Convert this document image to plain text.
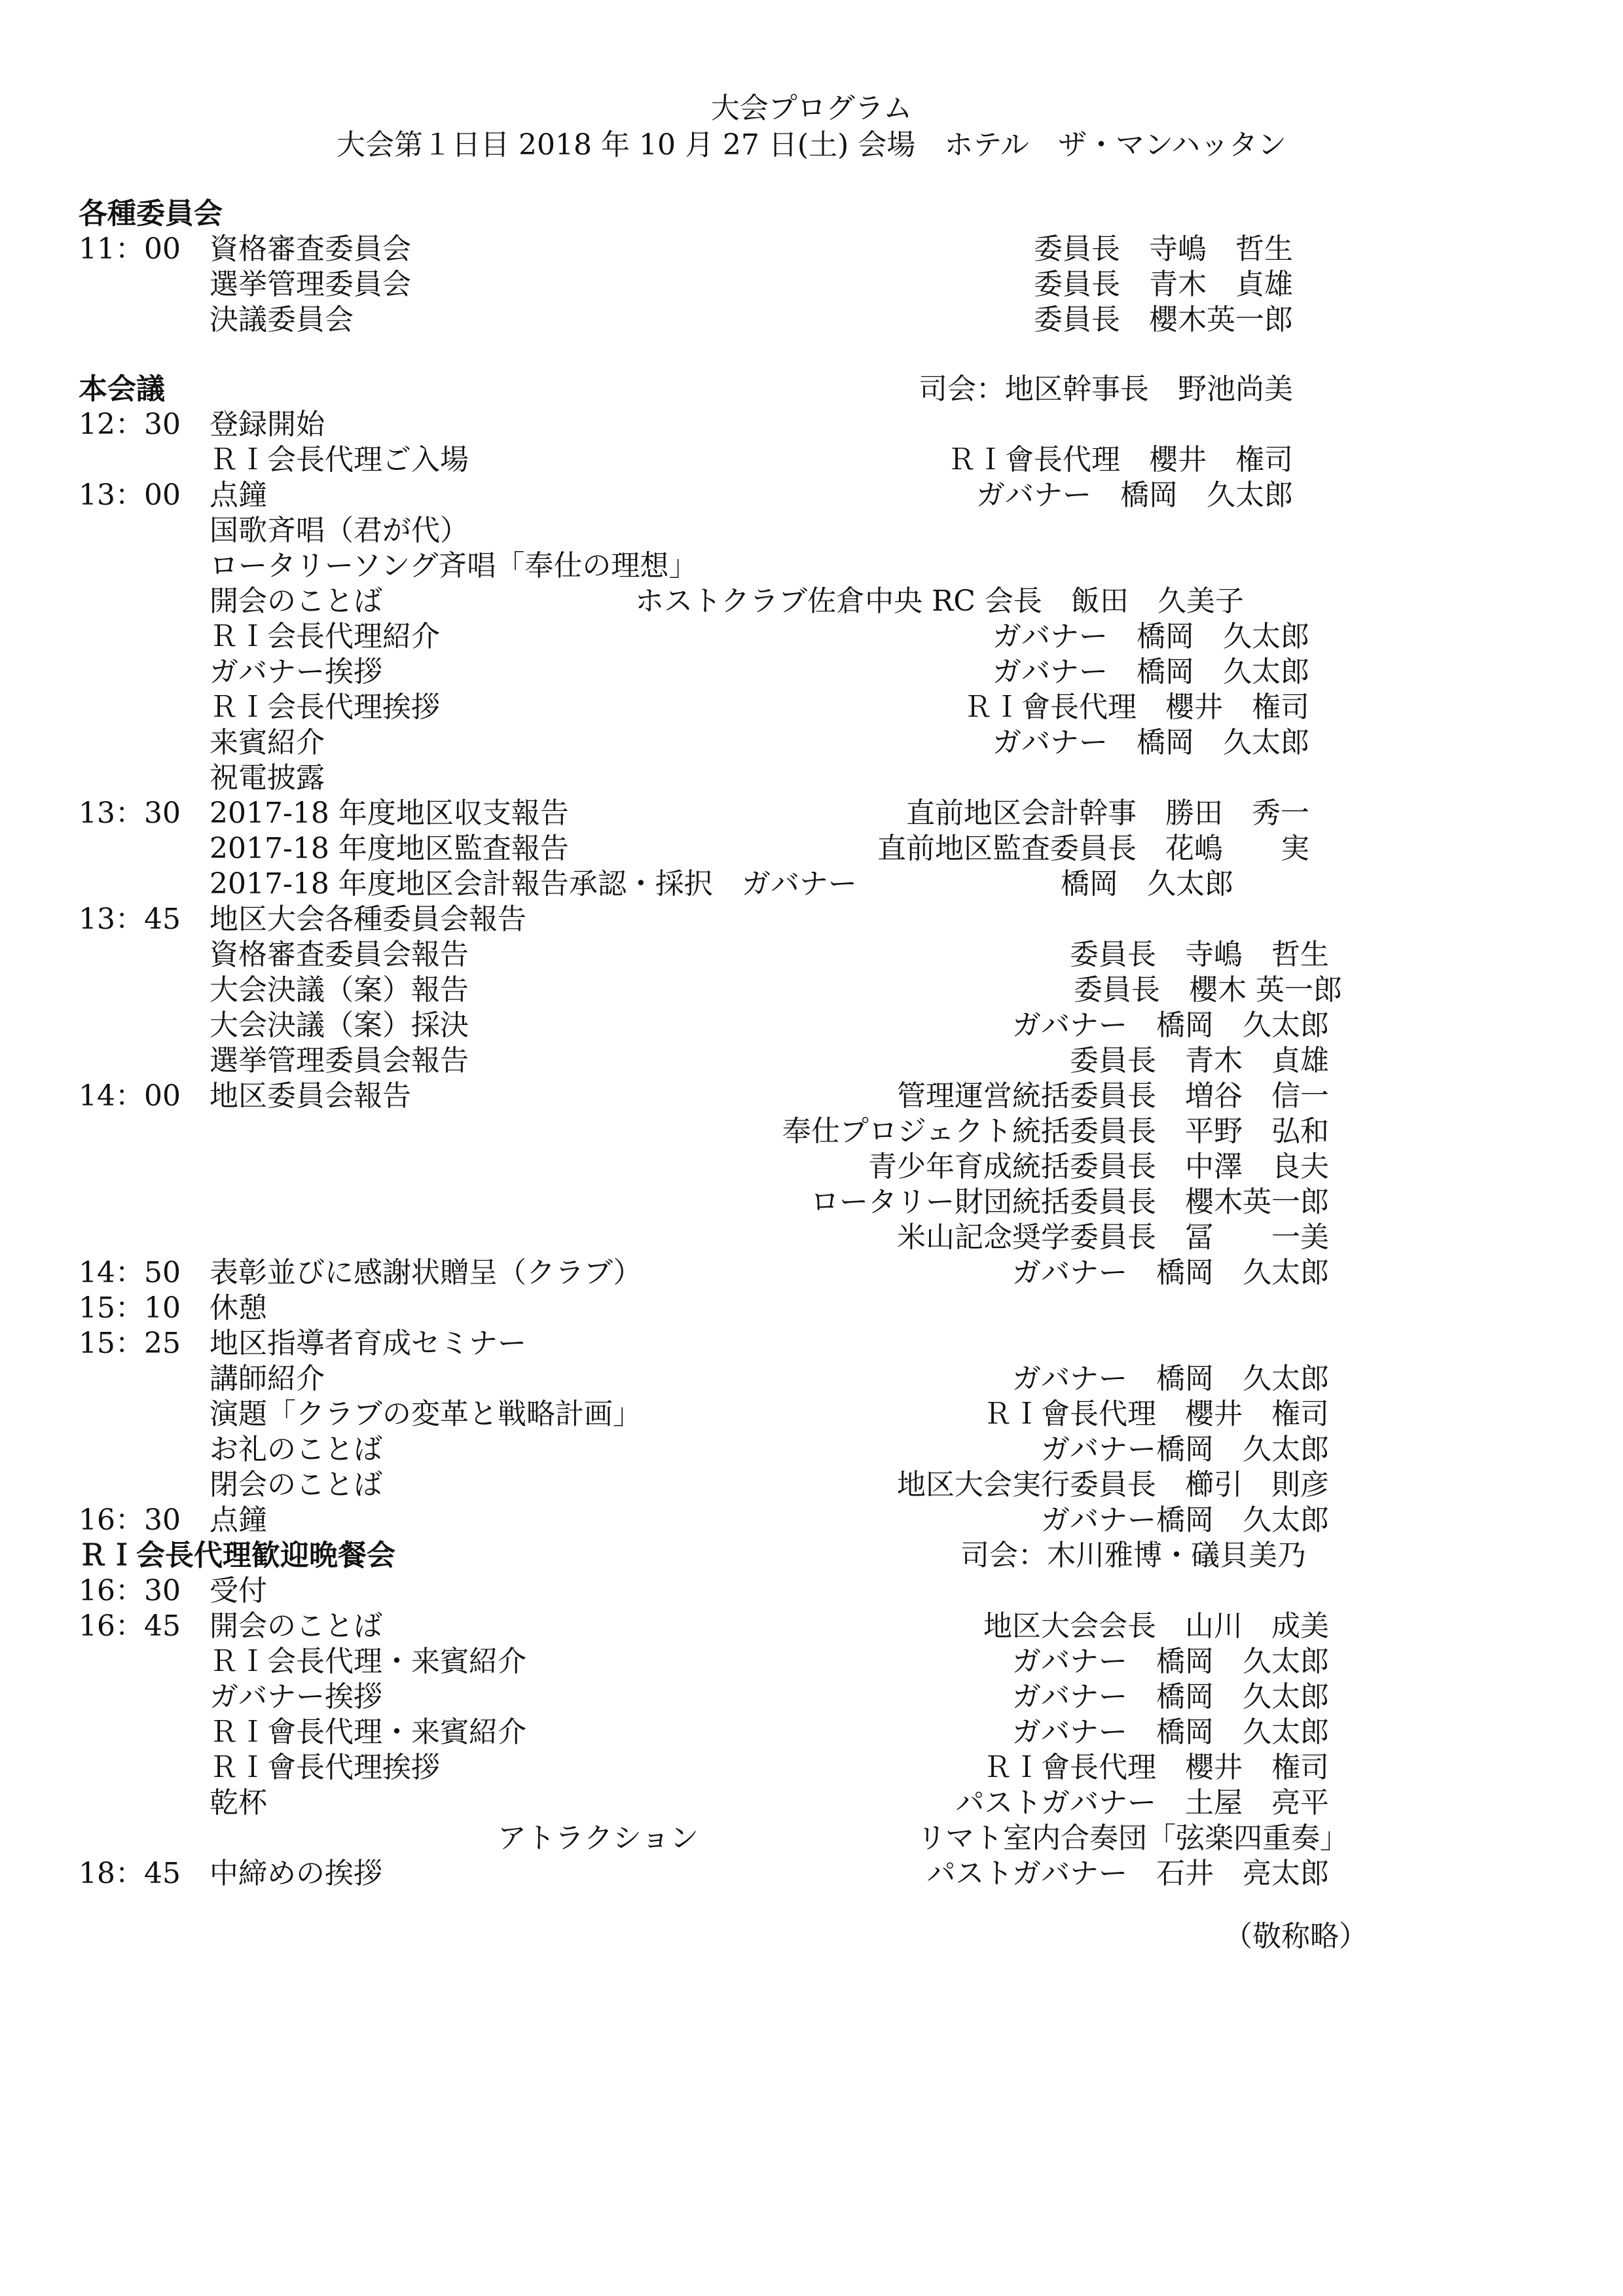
大会プログラム
大会第１日目 2018 年 10 月 27 日(土) 会場　ホテル　ザ・マンハッタン
各種委員会
11：00 資格審査委員会	委員長　寺嶋　哲生
選挙管理委員会	委員長　青木　貞雄
決議委員会	委員長　櫻木英一郎
本会議	司会：地区幹事長　野池尚美
12：30 登録開始
ＲＩ会長代理ご入場	ＲＩ會長代理　櫻井　権司
13：00 点鐘	ガバナー　橋岡　久太郎
国歌斉唱（君が代）
ロータリーソング斉唱「奉仕の理想」
開会のことば	ホストクラブ佐倉中央 RC 会長　飯田　久美子
ＲＩ会長代理紹介	ガバナー　橋岡　久太郎
ガバナー挨拶	ガバナー　橋岡　久太郎
ＲＩ会長代理挨拶	ＲＩ會長代理　櫻井　権司
来賓紹介	ガバナー　橋岡　久太郎
祝電披露
13：30 2017-18 年度地区収支報告	直前地区会計幹事　勝田　秀一
2017-18 年度地区監査報告	直前地区監査委員長　花嶋　　実
2017-18 年度地区会計報告承認・採択　ガバナー	橋岡　久太郎
13：45 地区大会各種委員会報告
資格審査委員会報告	委員長　寺嶋　哲生
大会決議（案）報告	委員長　櫻木 英一郎
大会決議（案）採決	ガバナー　橋岡　久太郎
選挙管理委員会報告	委員長　青木　貞雄
14：00 地区委員会報告	管理運営統括委員長　増谷　信一
奉仕プロジェクト統括委員長　平野　弘和
青少年育成統括委員長　中澤　良夫
ロータリー財団統括委員長　櫻木英一郎
米山記念奨学委員長　冨　　一美
14：50 表彰並びに感謝状贈呈（クラブ）	ガバナー　橋岡　久太郎
15：10 休憩
15：25 地区指導者育成セミナー
講師紹介	ガバナー　橋岡　久太郎
演題「クラブの変革と戦略計画」	ＲＩ會長代理　櫻井　権司
お礼のことば	ガバナー橋岡　久太郎
閉会のことば	地区大会実行委員長　櫛引　則彦
16：30 点鐘	ガバナー橋岡　久太郎
ＲＩ会長代理歓迎晩餐会	司会：木川雅博・礒貝美乃
16：30 受付
16：45 開会のことば	地区大会会長　山川　成美
ＲＩ会長代理・来賓紹介	ガバナー　橋岡　久太郎
ガバナー挨拶	ガバナー　橋岡　久太郎
ＲＩ會長代理・来賓紹介	ガバナー　橋岡　久太郎
ＲＩ會長代理挨拶	ＲＩ會長代理　櫻井　権司
乾杯	パストガバナー　土屋　亮平
　　　　　　　　　　アトラクション	リマト室内合奏団「弦楽四重奏」
18：45 中締めの挨拶	パストガバナー　石井　亮太郎
（敬称略）
